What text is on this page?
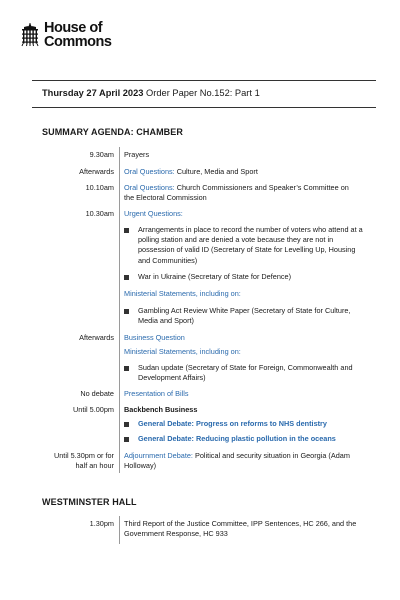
House of
Commons
Thursday 27 April 2023 Order Paper No.152: Part 1
SUMMARY AGENDA: CHAMBER
9.30am Prayers
Afterwards Oral Questions: Culture, Media and Sport
10.10am Oral Questions: Church Commissioners and Speaker’s Committee on the Electoral Commission
10.30am Urgent Questions:
Arrangements in place to record the number of voters who attend at a polling station and are denied a vote because they are not in possession of valid ID (Secretary of State for Levelling Up, Housing and Communities)
War in Ukraine (Secretary of State for Defence)
Ministerial Statements, including on:
Gambling Act Review White Paper (Secretary of State for Culture, Media and Sport)
Afterwards Business Question
Ministerial Statements, including on:
Sudan update (Secretary of State for Foreign, Commonwealth and Development Affairs)
No debate Presentation of Bills
Until 5.00pm Backbench Business
General Debate: Progress on reforms to NHS dentistry
General Debate: Reducing plastic pollution in the oceans
Until 5.30pm or for
half an hour
Adjournment Debate: Political and security situation in Georgia (Adam Holloway)
WESTMINSTER HALL
1.30pm Third Report of the Justice Committee, IPP Sentences, HC 266, and the Government Response, HC 933
